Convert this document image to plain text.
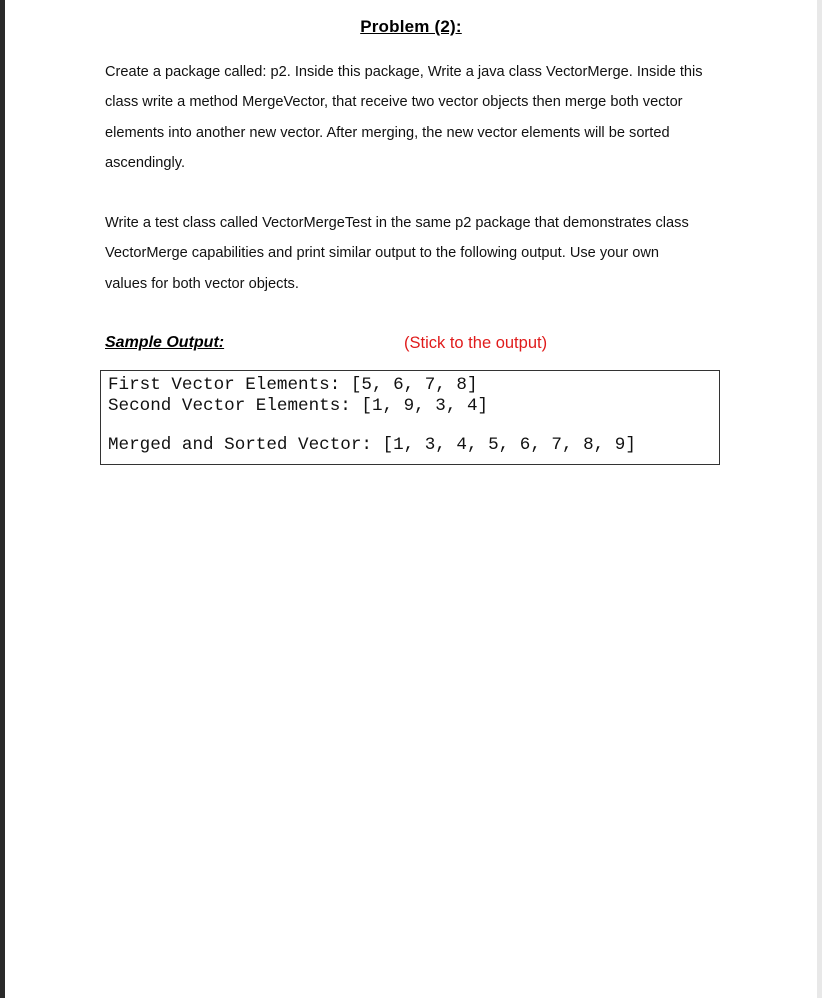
Problem (2):

Create a package called: p2. Inside this package, Write a java class VectorMerge. Inside this

class write a method MergeVector, that receive two vector objects then merge both vector

elements into another new vector. After merging, the new vector elements will be sorted

ascendingly.

Write a test class called VectorMergeTest in the same p2 package that demonstrates class

VectorMerge capabilities and print similar output to the following output. Use your own

values for both vector objects.

Sample Output:	(Stick to the output)
First Vector Elements: [5, 6, 7, 8]
Second Vector Elements: [1, 9, 3, 4]
Merged and Sorted Vector: [1, 3, 4, 5, 6, 7, 8, 9]
